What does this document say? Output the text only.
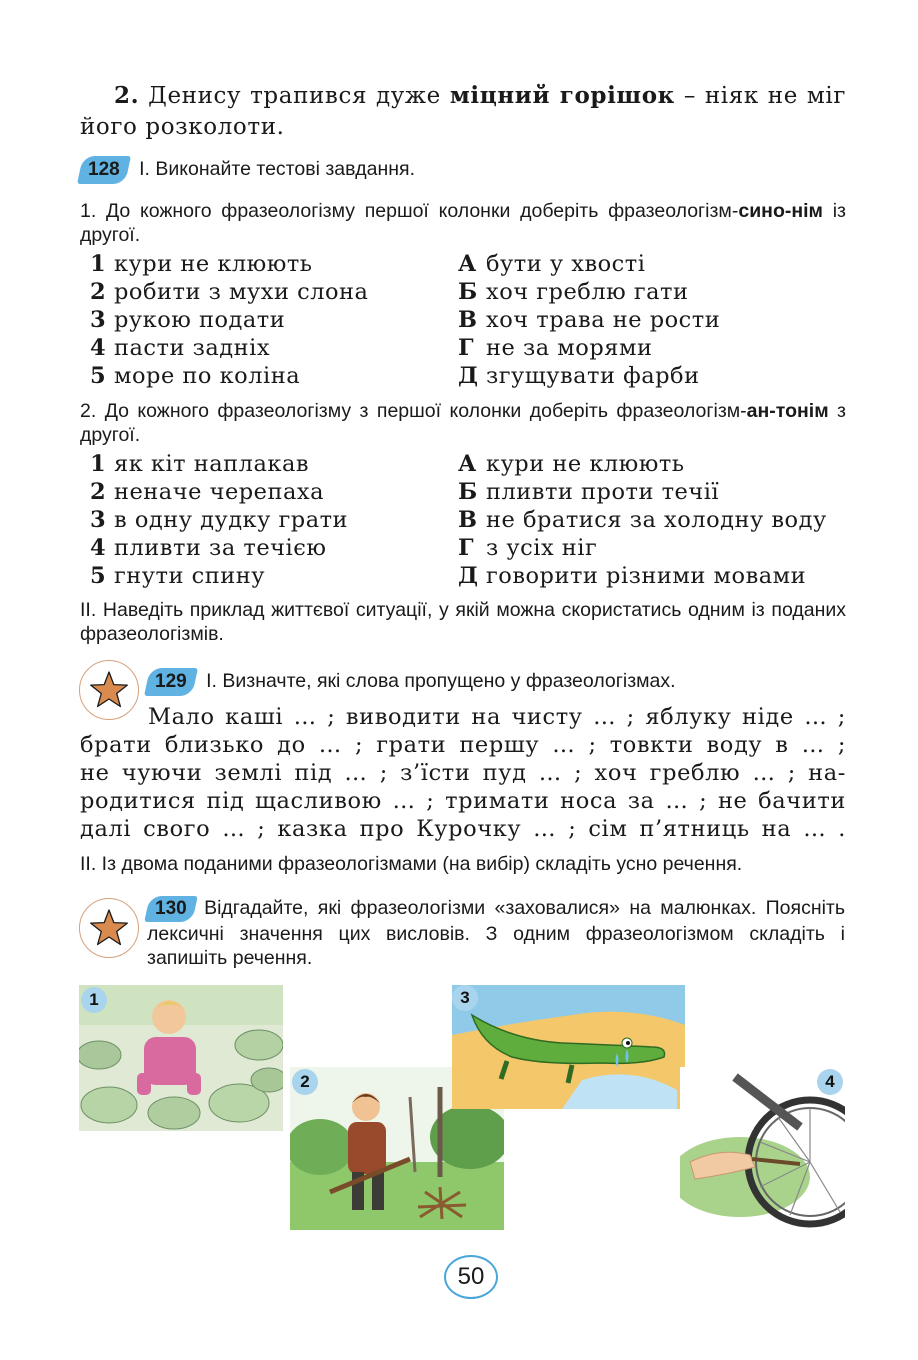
2. Денису трапився дуже міцний горішок – ніяк не міг його розколоти.
128 І. Виконайте тестові завдання.
1. До кожного фразеологізму першої колонки доберіть фразеологізм-сино-нім із другої.
1 кури не клюють	А бути у хвості
2 робити з мухи слона	Б хоч греблю гати
3 рукою подати	В хоч трава не рости
4 пасти задніх	Г не за морями
5 море по коліна	Д згущувати фарби
2. До кожного фразеологізму з першої колонки доберіть фразеологізм-ан-тонім з другої.
1 як кіт наплакав	А кури не клюють
2 неначе черепаха	Б пливти проти течії
3 в одну дудку грати	В не братися за холодну воду
4 пливти за течією	Г з усіх ніг
5 гнути спину	Д говорити різними мовами
ІІ. Наведіть приклад життєвої ситуації, у якій можна скористатись одним із поданих фразеологізмів.
129 І. Визначте, які слова пропущено у фразеологізмах.
Мало каші … ; виводити на чисту … ; яблуку ніде … ;
брати близько до … ; грати першу … ; товкти воду в … ;
не чуючи землі під … ; з’їсти пуд … ; хоч греблю … ; на-
родитися під щасливою … ; тримати носа за … ; не бачити
далі свого … ; казка про Курочку … ; сім п’ятниць на … .
ІІ. Із двома поданими фразеологізмами (на вибір) складіть усно речення.
130 Відгадайте, які фразеологізми «заховалися» на малюнках. Поясніть лексичні значення цих висловів. З одним фразеологізмом складіть і запишіть речення.
1
2
3
4
50
